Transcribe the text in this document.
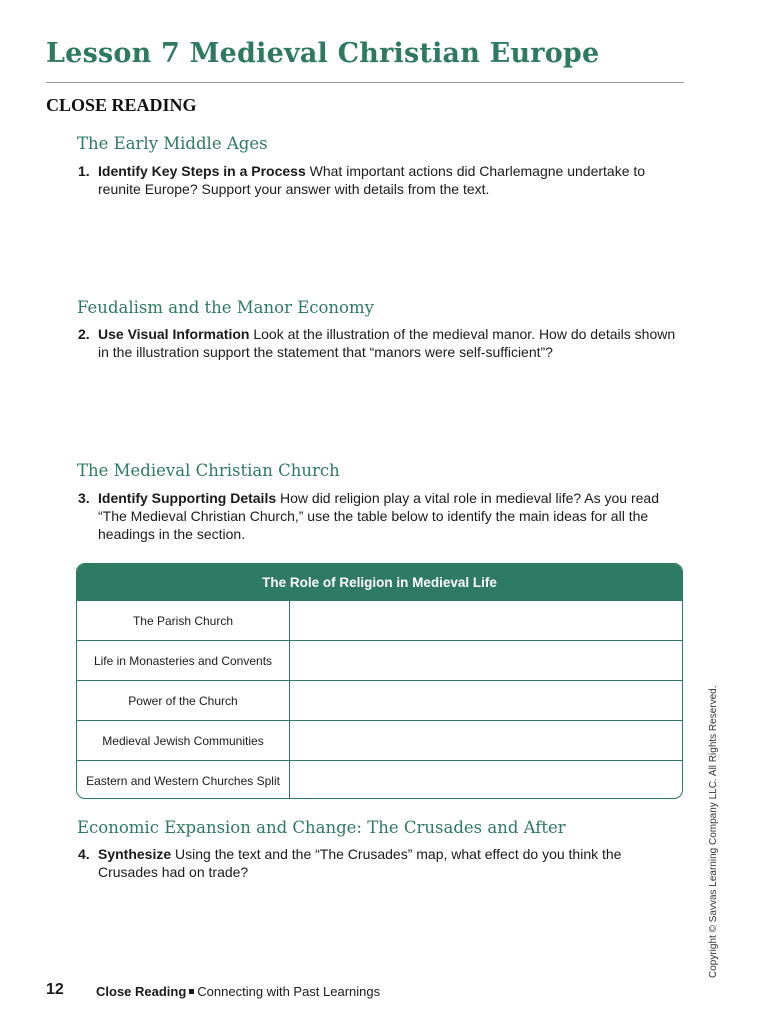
Lesson 7 Medieval Christian Europe
CLOSE READING
The Early Middle Ages
1. Identify Key Steps in a Process What important actions did Charlemagne undertake to reunite Europe? Support your answer with details from the text.
Feudalism and the Manor Economy
2. Use Visual Information Look at the illustration of the medieval manor. How do details shown in the illustration support the statement that “manors were self-sufficient”?
The Medieval Christian Church
3. Identify Supporting Details How did religion play a vital role in medieval life? As you read “The Medieval Christian Church,” use the table below to identify the main ideas for all the headings in the section.
The Role of Religion in Medieval Life
The Parish Church
Life in Monasteries and Convents
Power of the Church
Medieval Jewish Communities
Eastern and Western Churches Split
Economic Expansion and Change: The Crusades and After
4. Synthesize Using the text and the “The Crusades” map, what effect do you think the Crusades had on trade?	Copyright © Savvas Learning Company LLC. All Rights Reserved.
12 Close Reading Connecting with Past Learnings
